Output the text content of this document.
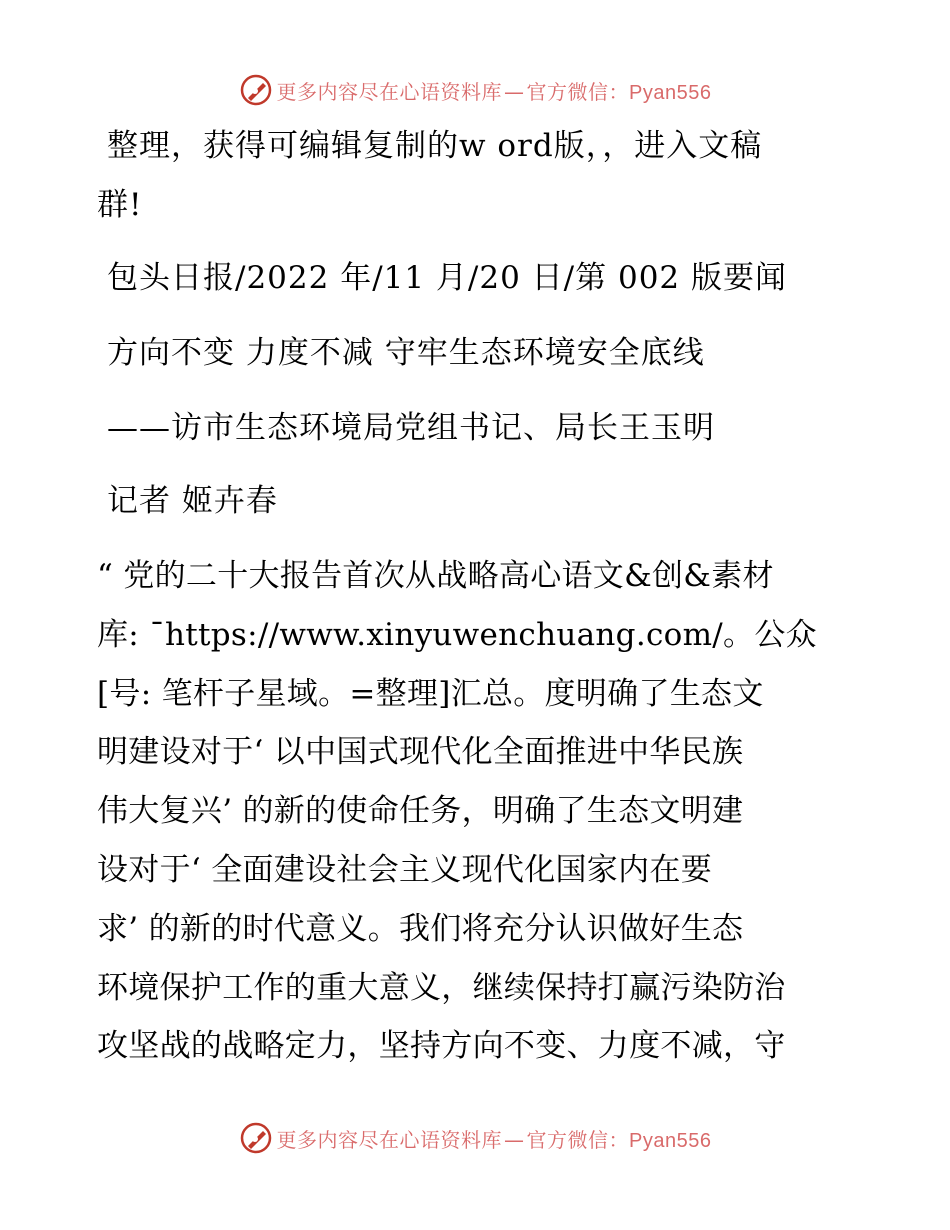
更多内容尽在心语资料库 — 官方微信：Pyan556
整理，获得可编辑复制的w ord版，，进入文稿
群!
包头日报/2022 年/11 月/20 日/第 002 版要闻
方向不变 力度不减 守牢生态环境安全底线
——访市生态环境局党组书记、局长王玉明
记者 姬卉春
“ 党的二十大报告首次从战略高心语文&创&素材
库: ¯https://www.xinyuwenchuang.com/。公众
[号: 笔杆子星域。=整理]汇总。度明确了生态文
明建设对于‘ 以中国式现代化全面推进中华民族
伟大复兴’ 的新的使命任务，明确了生态文明建
设对于‘ 全面建设社会主义现代化国家内在要
求’ 的新的时代意义。我们将充分认识做好生态
环境保护工作的重大意义，继续保持打赢污染防治
攻坚战的战略定力，坚持方向不变、力度不减，守
更多内容尽在心语资料库 — 官方微信：Pyan556
